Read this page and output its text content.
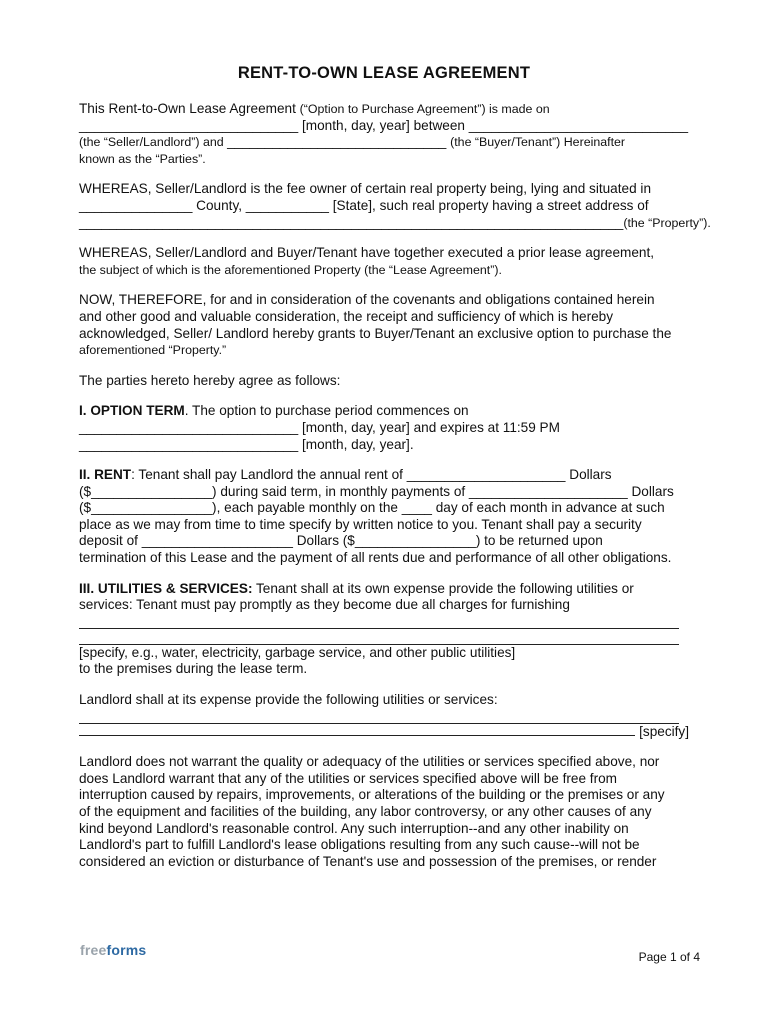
RENT-TO-OWN LEASE AGREEMENT
This Rent-to-Own Lease Agreement (“Option to Purchase Agreement”) is made on
_____________________________ [month, day, year] between _____________________________
(the “Seller/Landlord”) and _____________________________ (the “Buyer/Tenant”) Hereinafter
known as the “Parties”.
WHEREAS, Seller/Landlord is the fee owner of certain real property being, lying and situated in
_______________ County, ___________ [State], such real property having a street address of
________________________________________________________________________(the “Property”).
WHEREAS, Seller/Landlord and Buyer/Tenant have together executed a prior lease agreement,
the subject of which is the aforementioned Property (the “Lease Agreement”).
NOW, THEREFORE, for and in consideration of the covenants and obligations contained herein
and other good and valuable consideration, the receipt and sufficiency of which is hereby
acknowledged, Seller/ Landlord hereby grants to Buyer/Tenant an exclusive option to purchase the
aforementioned “Property.”
The parties hereto hereby agree as follows:
I. OPTION TERM. The option to purchase period commences on
_____________________________ [month, day, year] and expires at 11:59 PM
_____________________________ [month, day, year].
II. RENT: Tenant shall pay Landlord the annual rent of _____________________ Dollars
($________________) during said term, in monthly payments of _____________________ Dollars
($________________), each payable monthly on the ____ day of each month in advance at such
place as we may from time to time specify by written notice to you. Tenant shall pay a security
deposit of ____________________ Dollars ($________________) to be returned upon
termination of this Lease and the payment of all rents due and performance of all other obligations.
III. UTILITIES & SERVICES: Tenant shall at its own expense provide the following utilities or
services: Tenant must pay promptly as they become due all charges for furnishing
[specify, e.g., water, electricity, garbage service, and other public utilities]
to the premises during the lease term.
Landlord shall at its expense provide the following utilities or services:
[specify]
Landlord does not warrant the quality or adequacy of the utilities or services specified above, nor
does Landlord warrant that any of the utilities or services specified above will be free from
interruption caused by repairs, improvements, or alterations of the building or the premises or any
of the equipment and facilities of the building, any labor controversy, or any other causes of any
kind beyond Landlord's reasonable control. Any such interruption--and any other inability on
Landlord's part to fulfill Landlord's lease obligations resulting from any such cause--will not be
considered an eviction or disturbance of Tenant's use and possession of the premises, or render
freeforms	Page 1 of 4
